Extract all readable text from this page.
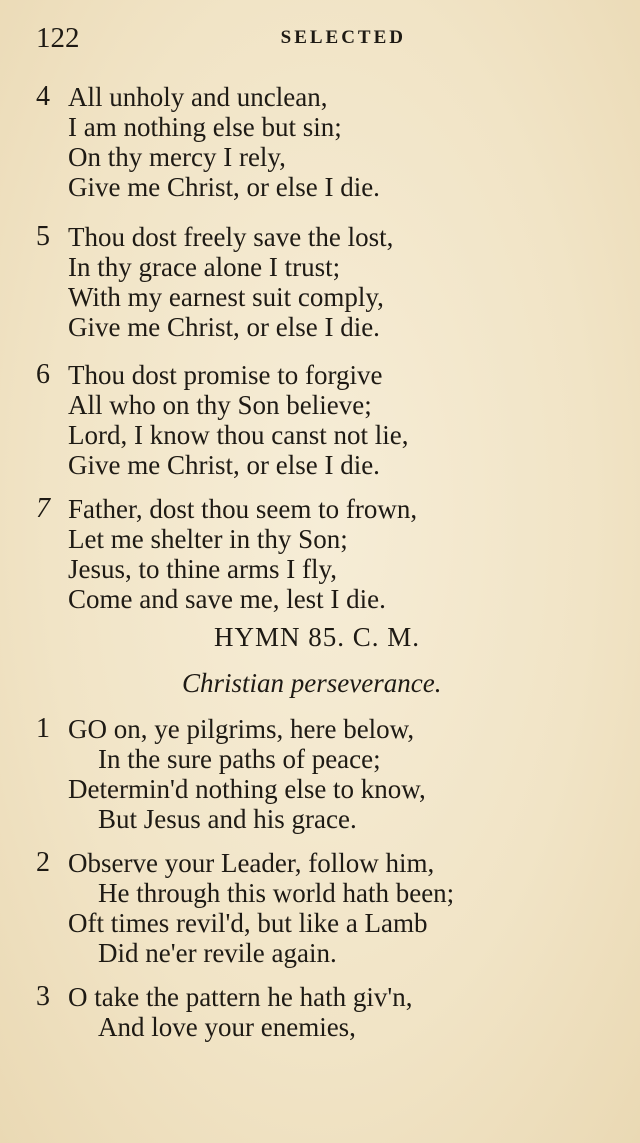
122	SELECTED
4 All unholy and unclean,
I am nothing else but sin;
On thy mercy I rely,
Give me Christ, or else I die.
5 Thou dost freely save the lost,
In thy grace alone I trust;
With my earnest suit comply,
Give me Christ, or else I die.
6 Thou dost promise to forgive
All who on thy Son believe;
Lord, I know thou canst not lie,
Give me Christ, or else I die.
7 Father, dost thou seem to frown,
Let me shelter in thy Son;
Jesus, to thine arms I fly,
Come and save me, lest I die.
HYMN 85. C. M.
Christian perseverance.
1 GO on, ye pilgrims, here below,
In the sure paths of peace;
Determin'd nothing else to know,
But Jesus and his grace.
2 Observe your Leader, follow him,
He through this world hath been;
Oft times revil'd, but like a Lamb
Did ne'er revile again.
3 O take the pattern he hath giv'n,
And love your enemies,
